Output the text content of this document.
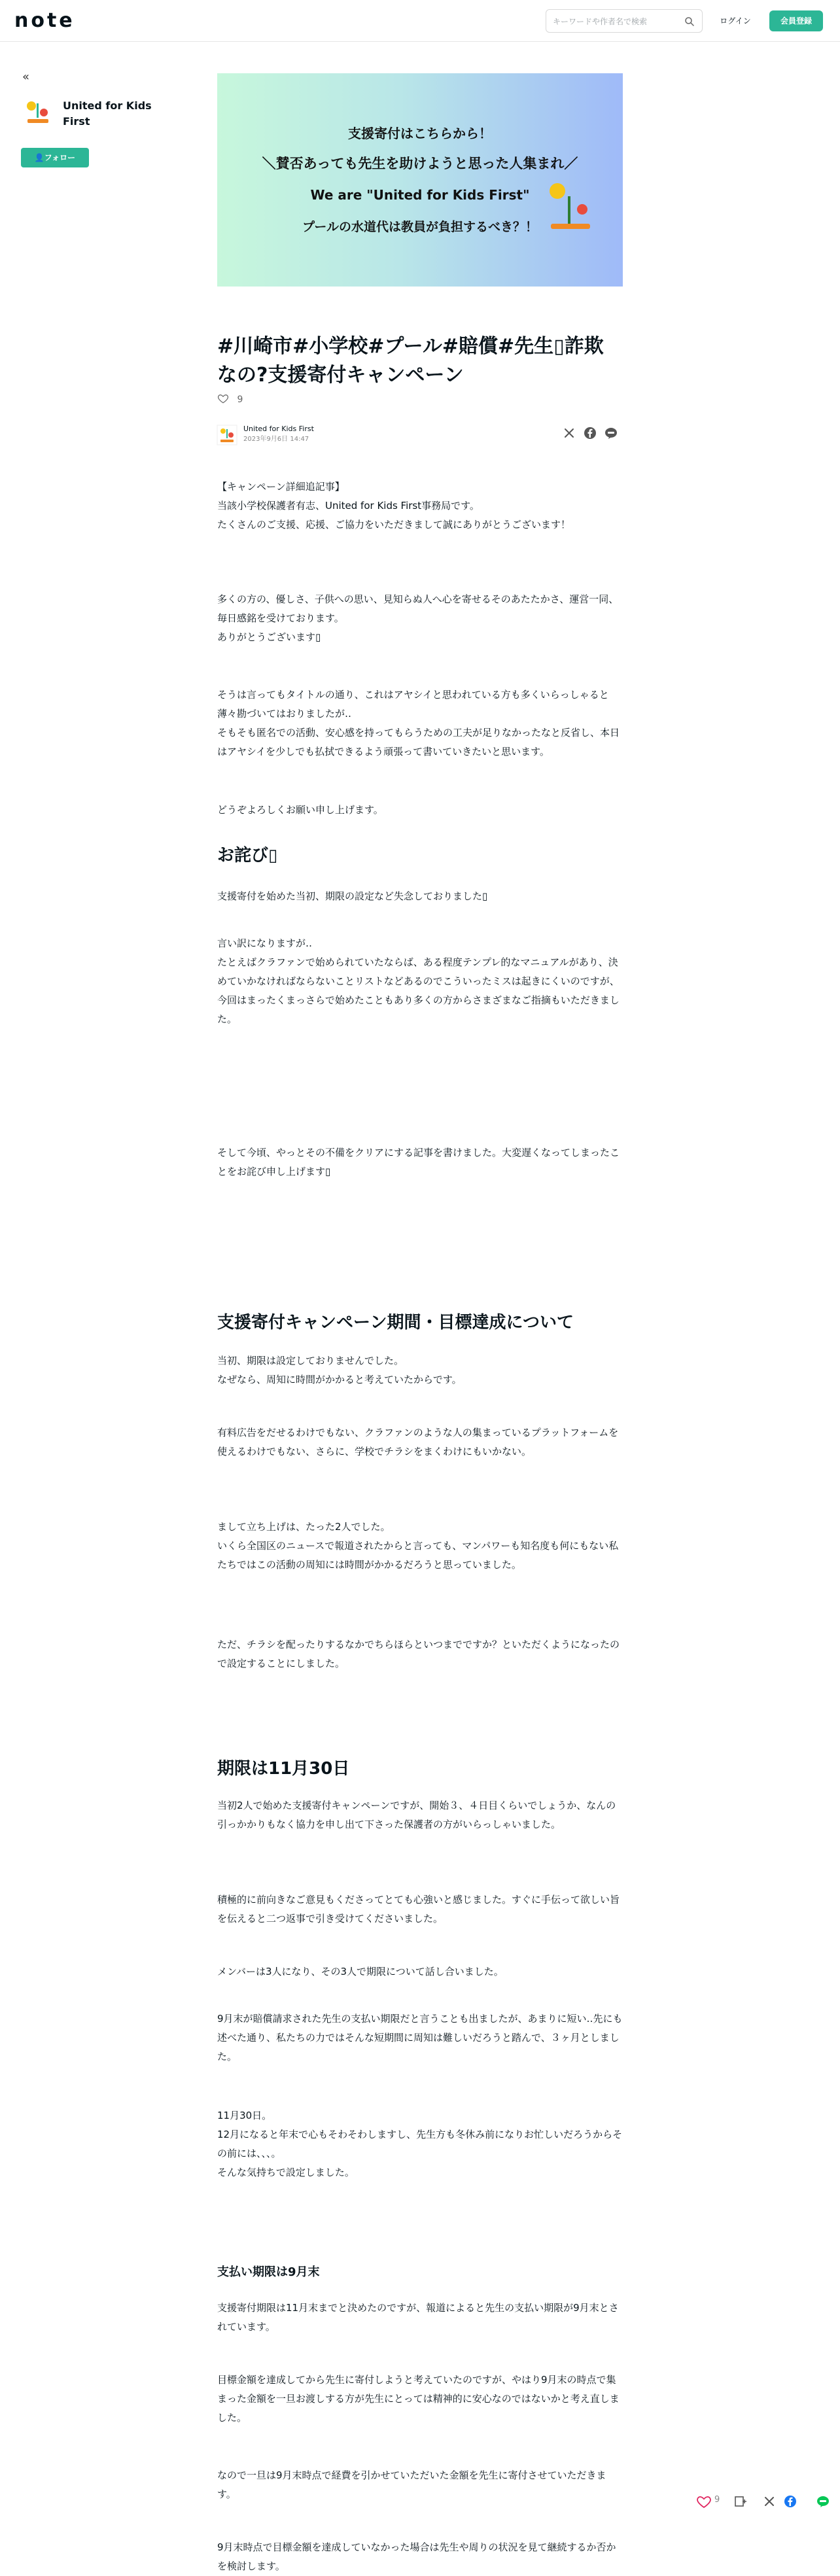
note
キーワードや作者名で検索	ログイン	会員登録
«
United for Kids First
👤フォロー
支援寄付はこちらから！
＼賛否あっても先生を助けようと思った人集まれ／
We are "United for Kids First"
プールの水道代は教員が負担するべき？！
#川崎市#小学校#プール#賠償#先生▯詐欺なの?支援寄付キャンペーン
9
United for Kids First
2023年9月6日 14:47
【キャンペーン詳細追記事】
当該小学校保護者有志、United for Kids First事務局です。
たくさんのご支援、応援、ご協力をいただきまして誠にありがとうございます！
多くの方の、優しさ、子供への思い、見知らぬ人へ心を寄せるそのあたたかさ、運営一同、毎日感銘を受けております。
ありがとうございます▯
そうは言ってもタイトルの通り、これはアヤシイと思われている方も多くいらっしゃると薄々勘づいてはおりましたが‥
そもそも匿名での活動、安心感を持ってもらうための工夫が足りなかったなと反省し、本日はアヤシイを少しでも払拭できるよう頑張って書いていきたいと思います。
どうぞよろしくお願い申し上げます。
お詫び▯
支援寄付を始めた当初、期限の設定など失念しておりました▯
言い訳になりますが‥
たとえばクラファンで始められていたならば、ある程度テンプレ的なマニュアルがあり、決めていかなければならないことリストなどあるのでこういったミスは起きにくいのですが、今回はまったくまっさらで始めたこともあり多くの方からさまざまなご指摘もいただきました。
そして今頃、やっとその不備をクリアにする記事を書けました。大変遅くなってしまったことをお詫び申し上げます▯
支援寄付キャンペーン期間・目標達成について
当初、期限は設定しておりませんでした。
なぜなら、周知に時間がかかると考えていたからです。
有料広告をだせるわけでもない、クラファンのような人の集まっているプラットフォームを使えるわけでもない、さらに、学校でチラシをまくわけにもいかない。
まして立ち上げは、たった2人でした。
いくら全国区のニュースで報道されたからと言っても、マンパワーも知名度も何にもない私たちではこの活動の周知には時間がかかるだろうと思っていました。
ただ、チラシを配ったりするなかでちらほらといつまでですか？といただくようになったので設定することにしました。
期限は11月30日
当初2人で始めた支援寄付キャンペーンですが、開始３、４日目くらいでしょうか、なんの引っかかりもなく協力を申し出て下さった保護者の方がいらっしゃいました。
積極的に前向きなご意見もくださってとても心強いと感じました。すぐに手伝って欲しい旨を伝えると二つ返事で引き受けてくださいました。
メンバーは3人になり、その3人で期限について話し合いました。
9月末が賠償請求された先生の支払い期限だと言うことも出ましたが、あまりに短い‥先にも述べた通り、私たちの力ではそんな短期間に周知は難しいだろうと踏んで、３ヶ月としました。
11月30日。
12月になると年末で心もそわそわしますし、先生方も冬休み前になりお忙しいだろうからその前には、、、。
そんな気持ちで設定しました。
支払い期限は9月末
支援寄付期限は11月末までと決めたのですが、報道によると先生の支払い期限が9月末とされています。
目標金額を達成してから先生に寄付しようと考えていたのですが、やはり9月末の時点で集まった金額を一旦お渡しする方が先生にとっては精神的に安心なのではないかと考え直しました。
なので一旦は9月末時点で経費を引かせていただいた金額を先生に寄付させていただきます。
9月末時点で目標金額を達成していなかった場合は先生や周りの状況を見て継続するか否かを検討します。
9
